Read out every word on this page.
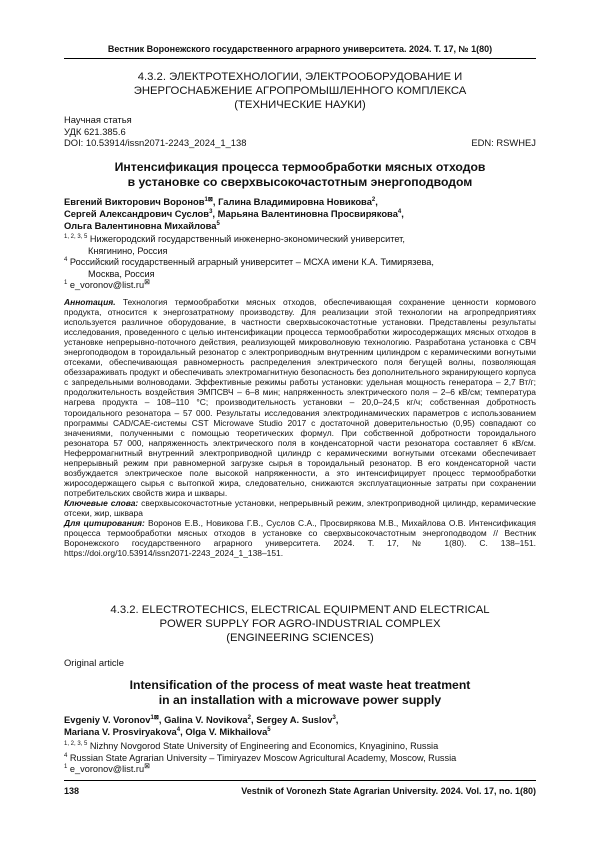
Вестник Воронежского государственного аграрного университета. 2024. Т. 17, № 1(80)
4.3.2. ЭЛЕКТРОТЕХНОЛОГИИ, ЭЛЕКТРООБОРУДОВАНИЕ И
ЭНЕРГОСНАБЖЕНИЕ АГРОПРОМЫШЛЕННОГО КОМПЛЕКСА
(ТЕХНИЧЕСКИЕ НАУКИ)
Научная статья
УДК 621.385.6
DOI: 10.53914/issn2071-2243_2024_1_138	EDN: RSWHEJ
Интенсификация процесса термообработки мясных отходов
в установке со сверхвысокочастотным энергоподводом
Евгений Викторович Воронов$^{1⊠}$, Галина Владимировна Новикова$^2$,
Сергей Александрович Суслов$^3$, Марьяна Валентиновна Просвирякова$^4$,
Ольга Валентиновна Михайлова$^5$
$^{1, 2, 3, 5}$ Нижегородский государственный инженерно-экономический университет,
Княгинино, Россия
$^4$ Российский государственный аграрный университет – МСХА имени К.А. Тимирязева,
Москва, Россия
$^1$ e_voronov@list.ru⊠

Аннотация. Технология термообработки мясных отходов, обеспечивающая сохранение ценности кормового продукта, относится к энергозатратному производству. Для реализации этой технологии на агропредприятиях используется различное оборудование, в частности сверхвысокочастотные установки. Представлены результаты исследования, проведенного с целью интенсификации процесса термообработки жиросодержащих мясных отходов в установке непрерывно-поточного действия, реализующей микроволновую технологию. Разработана установка с СВЧ энергоподводом в тороидальный резонатор с электроприводным внутренним цилиндром с керамическими вогнутыми отсеками, обеспечивающая равномерность распределения электрического поля бегущей волны, позволяющая обеззараживать продукт и обеспечивать электромагнитную безопасность без дополнительного экранирующего корпуса с запредельными волноводами. Эффективные режимы работы установки: удельная мощность генератора – 2,7 Вт/г; продолжительность воздействия ЭМПСВЧ – 6–8 мин; напряженность электрического поля – 2–6 кВ/см; температура нагрева продукта – 108–110 °С; производительность установки – 20,0–24,5 кг/ч; собственная добротность тороидального резонатора – 57 000. Результаты исследования электродинамических параметров с использованием программы CAD/CAE-системы CST Microwave Studio 2017 с достаточной доверительностью (0,95) совпадают со значениями, полученными с помощью теоретических формул. При собственной добротности тороидального резонатора 57 000, напряженность электрического поля в конденсаторной части резонатора составляет 6 кВ/см. Неферромагнитный внутренний электроприводной цилиндр с керамическими вогнутыми отсеками обеспечивает непрерывный режим при равномерной загрузке сырья в тороидальный резонатор. В его конденсаторной части возбуждается электрическое поле высокой напряженности, а это интенсифицирует процесс термообработки жиросодержащего сырья с вытопкой жира, следовательно, снижаются эксплуатационные затраты при сохранении потребительских свойств жира и шквары.

Ключевые слова: сверхвысокочастотные установки, непрерывный режим, электроприводной цилиндр, керамические отсеки, жир, шквара

Для цитирования: Воронов Е.В., Новикова Г.В., Суслов С.А., Просвирякова М.В., Михайлова О.В. Интенсификация процесса термообработки мясных отходов в установке со сверхвысокочастотным энергоподводом // Вестник Воронежского государственного аграрного университета. 2024. Т. 17, № 1(80). С. 138–151. https://doi.org/10.53914/issn2071-2243_2024_1_138–151.

4.3.2. ELECTROTECHICS, ELECTRICAL EQUIPMENT AND ELECTRICAL
POWER SUPPLY FOR AGRO-INDUSTRIAL COMPLEX
(ENGINEERING SCIENCES)
Original article
Intensification of the process of meat waste heat treatment
in an installation with a microwave power supply
Evgeniy V. Voronov$^{1⊠}$, Galina V. Novikova$^2$, Sergey A. Suslov$^3$,
Mariana V. Prosviryakova$^4$, Olga V. Mikhailova$^5$
$^{1, 2, 3, 5}$ Nizhny Novgorod State University of Engineering and Economics, Knyaginino, Russia
$^4$ Russian State Agrarian University – Timiryazev Moscow Agricultural Academy, Moscow, Russia
$^1$ e_voronov@list.ru⊠
138	Vestnik of Voronezh State Agrarian University. 2024. Vol. 17, no. 1(80)
